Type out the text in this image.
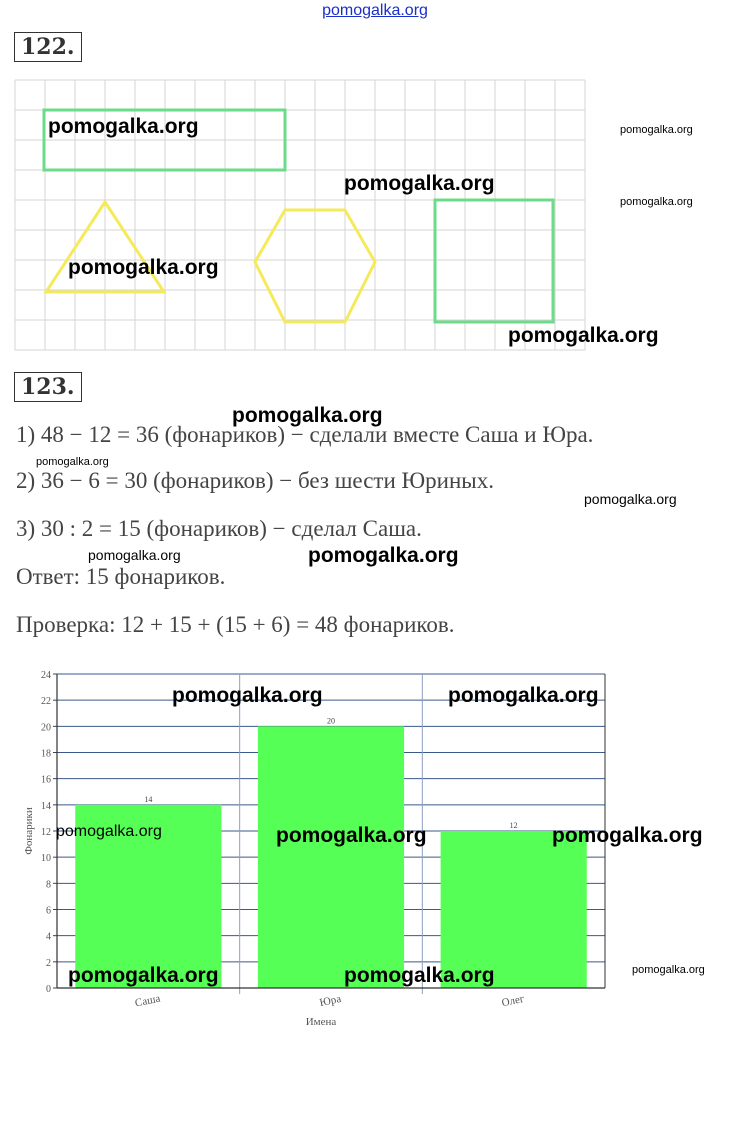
pomogalka.org
122.
123.
1) 48 − 12 = 36 (фонариков) − сделали вместе Саша и Юра.
2) 36 − 6 = 30 (фонариков) − без шести Юриных.
3) 30 : 2 = 15 (фонариков) − сделал Саша.
Ответ: 15 фонариков.
Проверка: 12 + 15 + (15 + 6) = 48 фонариков.
0
2
4
6
8
10
12
14
16
18
20
22
24
14
Саша
20
Юра
12
Олег
Имена
Фонарики
pomogalka.org	pomogalka.org
pomogalka.org
pomogalka.org
pomogalka.org
pomogalka.org
pomogalka.org
pomogalka.org
pomogalka.org
pomogalka.org	pomogalka.org
pomogalka.org	pomogalka.org
pomogalka.org	pomogalka.org	pomogalka.org
pomogalka.org	pomogalka.org	pomogalka.org
